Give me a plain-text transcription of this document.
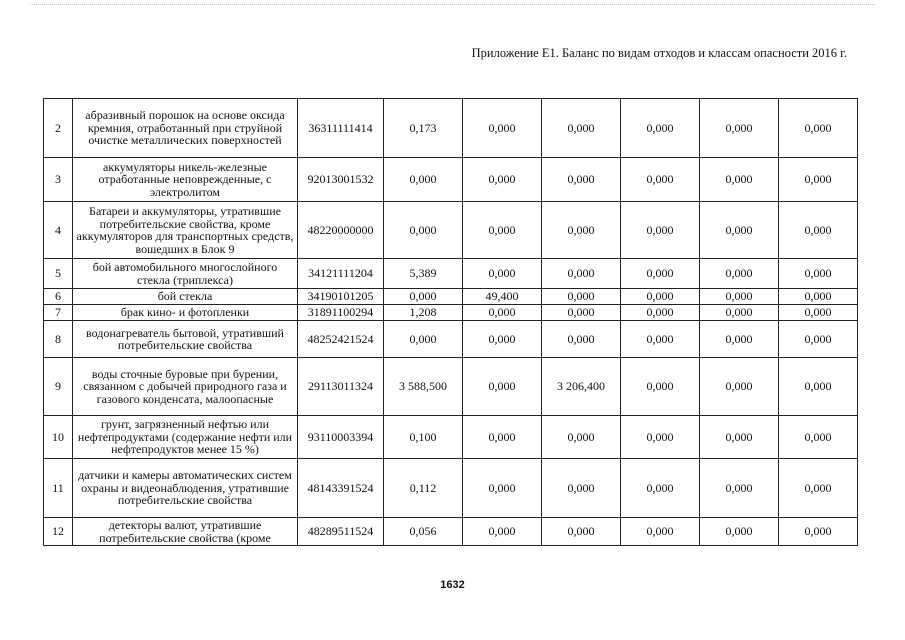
Приложение Е1. Баланс по видам отходов и классам опасности 2016 г.
2	абразивный порошок на основе оксида кремния, отработанный при струйной очистке металлических поверхностей	36311111414	0,173	0,000	0,000	0,000	0,000	0,000
3	аккумуляторы никель-железные отработанные неповрежденные, с электролитом	92013001532	0,000	0,000	0,000	0,000	0,000	0,000
4	Батареи и аккумуляторы, утратившие потребительские свойства, кроме аккумуляторов для транспортных средств, вошедших в Блок 9	48220000000	0,000	0,000	0,000	0,000	0,000	0,000
5	бой автомобильного многослойного стекла (триплекса)	34121111204	5,389	0,000	0,000	0,000	0,000	0,000
6	бой стекла	34190101205	0,000	49,400	0,000	0,000	0,000	0,000
7	брак кино- и фотопленки	31891100294	1,208	0,000	0,000	0,000	0,000	0,000
8	водонагреватель бытовой, утративший потребительские свойства	48252421524	0,000	0,000	0,000	0,000	0,000	0,000
9	воды сточные буровые при бурении, связанном с добычей природного газа и газового конденсата, малоопасные	29113011324	3 588,500	0,000	3 206,400	0,000	0,000	0,000
10	грунт, загрязненный нефтью или нефтепродуктами (содержание нефти или нефтепродуктов менее 15 %)	93110003394	0,100	0,000	0,000	0,000	0,000	0,000
11	датчики и камеры автоматических систем охраны и видеонаблюдения, утратившие потребительские свойства	48143391524	0,112	0,000	0,000	0,000	0,000	0,000
12	детекторы валют, утратившие потребительские свойства (кроме	48289511524	0,056	0,000	0,000	0,000	0,000	0,000
1632
